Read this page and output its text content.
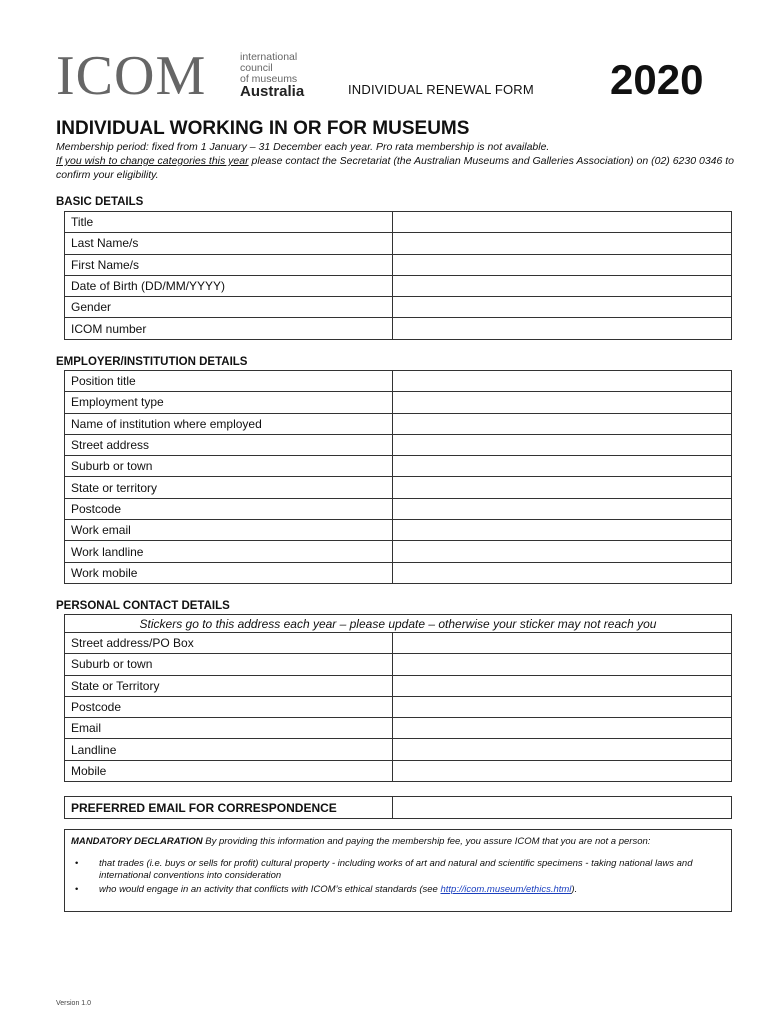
ICOM	international
council
of museums
Australia	INDIVIDUAL RENEWAL FORM 2020
INDIVIDUAL WORKING IN OR FOR MUSEUMS
Membership period: fixed from 1 January – 31 December each year. Pro rata membership is not available.
If you wish to change categories this year please contact the Secretariat (the Australian Museums and Galleries Association) on (02) 6230 0346 to confirm your eligibility.
BASIC DETAILS
Title	
Last Name/s	
First Name/s	
Date of Birth (DD/MM/YYYY)	
Gender	
ICOM number	
EMPLOYER/INSTITUTION DETAILS
Position title	
Employment type	
Name of institution where employed	
Street address	
Suburb or town	
State or territory	
Postcode	
Work email	
Work landline	
Work mobile	
PERSONAL CONTACT DETAILS
Stickers go to this address each year – please update – otherwise your sticker may not reach you	
Street address/PO Box	
Suburb or town	
State or Territory	
Postcode	
Email	
Landline	
Mobile	
PREFERRED EMAIL FOR CORRESPONDENCE	
MANDATORY DECLARATION By providing this information and paying the membership fee, you assure ICOM that you are not a person:
• that trades (i.e. buys or sells for profit) cultural property - including works of art and natural and scientific specimens - taking national laws and international conventions into consideration
• who would engage in an activity that conflicts with ICOM’s ethical standards (see http://icom.museum/ethics.html).
Version 1.0
